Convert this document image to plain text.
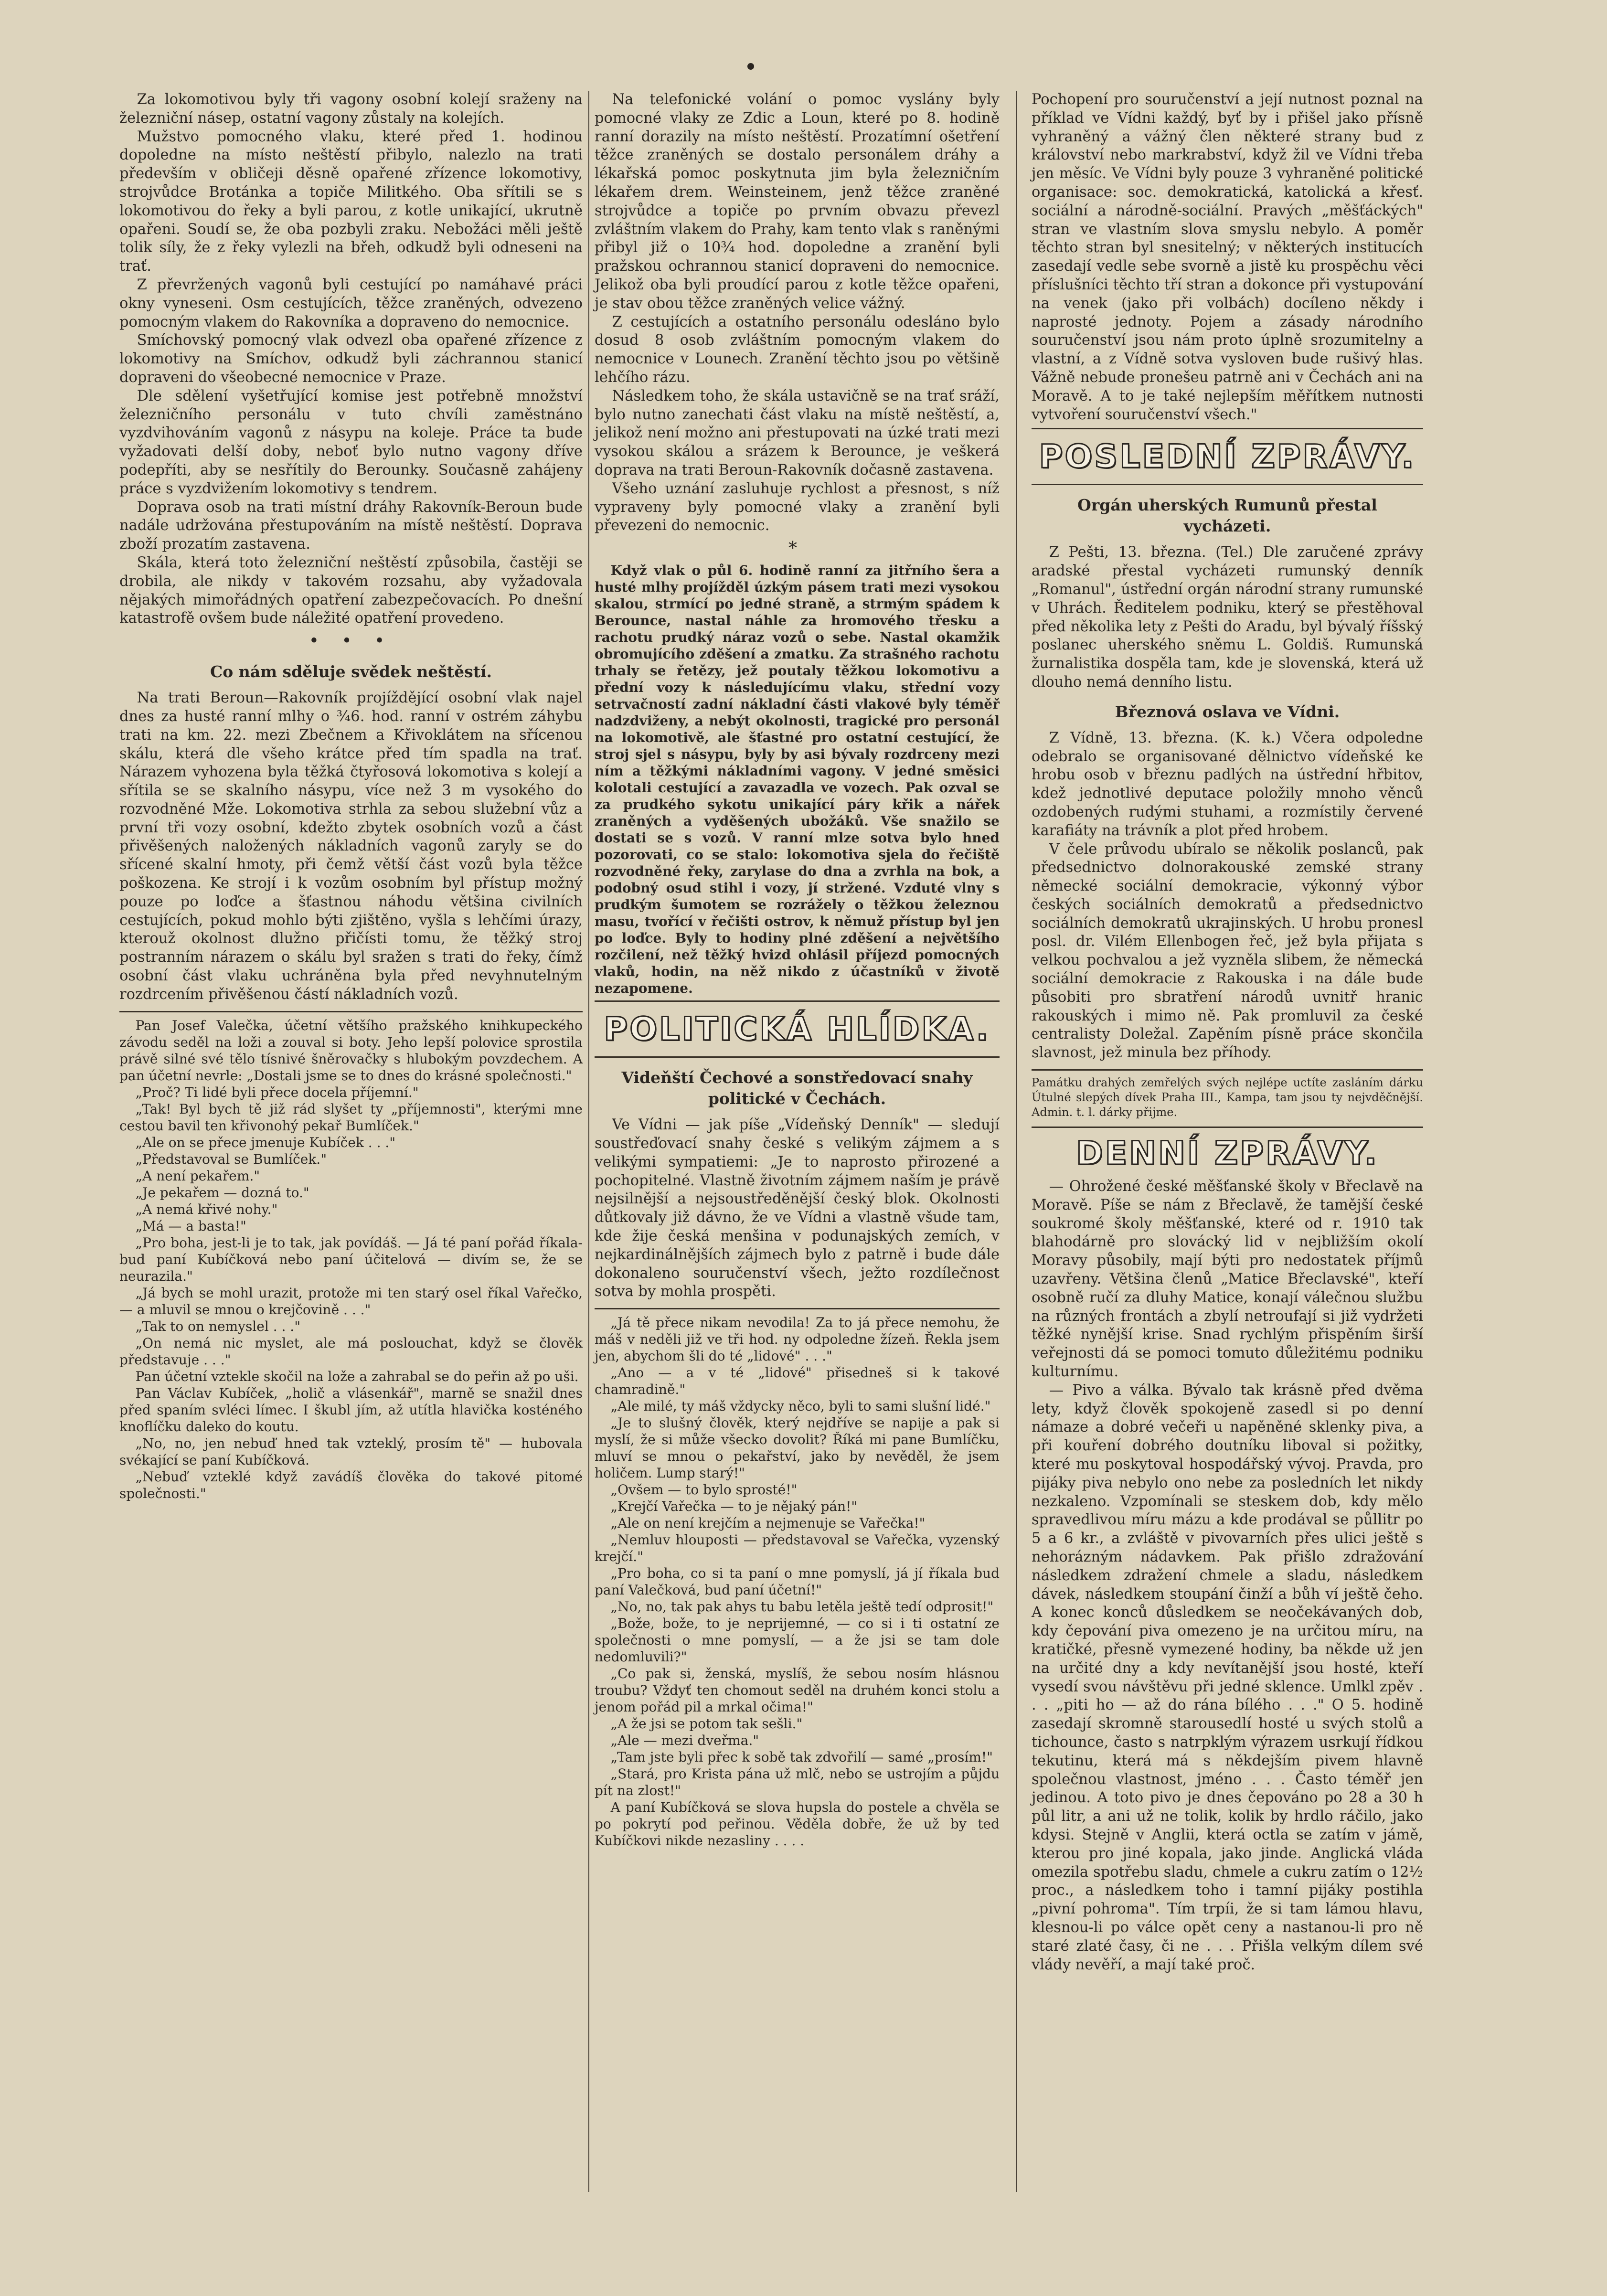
Za lokomotivou byly tři vagony osobní kolejí sraženy na železniční násep, ostatní vagony zůstaly na kolejích.

Mužstvo pomocného vlaku, které před 1. hodinou dopoledne na místo neštěstí přibylo, nalezlo na trati především v obličeji děsně opařené zřízence lokomotivy, strojvůdce Brotánka a topiče Militkého. Oba sřítili se s lokomotivou do řeky a byli parou, z kotle unikající, ukrutně opařeni. Soudí se, že oba pozbyli zraku. Nebožáci měli ještě tolik síly, že z řeky vylezli na břeh, odkudž byli odneseni na trať.

Z převržených vagonů byli cestující po namáhavé práci okny vyneseni. Osm cestujících, těžce zraněných, odvezeno pomocným vlakem do Rakovníka a dopraveno do nemocnice.

Smíchovský pomocný vlak odvezl oba opařené zřízence z lokomotivy na Smíchov, odkudž byli záchrannou stanicí dopraveni do všeobecné nemocnice v Praze.

Dle sdělení vyšetřující komise jest potřebně množství železničního personálu v tuto chvíli zaměstnáno vyzdvihováním vagonů z násypu na koleje. Práce ta bude vyžadovati delší doby, neboť bylo nutno vagony dříve podepříti, aby se nesřítily do Berounky. Současně zahájeny práce s vyzdvižením lokomotivy s tendrem.

Doprava osob na trati místní dráhy Rakovník-Beroun bude nadále udržována přestupováním na místě neštěstí. Doprava zboží prozatím zastavena.

Skála, která toto železniční neštěstí způsobila, častěji se drobila, ale nikdy v takovém rozsahu, aby vyžadovala nějakých mimořádných opatření zabezpečovacích. Po dnešní katastrofě ovšem bude náležité opatření provedeno.

• • •
Co nám sděluje svědek neštěstí.

Na trati Beroun—Rakovník projíždějící osobní vlak najel dnes za husté ranní mlhy o ¾6. hod. ranní v ostrém záhybu trati na km. 22. mezi Zbečnem a Křivoklátem na sřícenou skálu, která dle všeho krátce před tím spadla na trať. Nárazem vyhozena byla těžká čtyřosová lokomotiva s kolejí a sřítila se se skalního násypu, více než 3 m vysokého do rozvodněné Mže. Lokomotiva strhla za sebou služební vůz a první tři vozy osobní, kdežto zbytek osobních vozů a část přivěšených naložených nákladních vagonů zaryly se do sřícené skalní hmoty, při čemž větší část vozů byla těžce poškozena. Ke strojí i k vozům osobním byl přístup možný pouze po loďce a šťastnou náhodu většina civilních cestujících, pokud mohlo býti zjištěno, vyšla s lehčími úrazy, kterouž okolnost dlužno přičísti tomu, že těžký stroj postranním nárazem o skálu byl sražen s trati do řeky, čímž osobní část vlaku uchráněna byla před nevyhnutelným rozdrcením přivěšenou částí nákladních vozů.

Pan Josef Valečka, účetní většího pražského knihkupeckého závodu seděl na loži a zouval si boty. Jeho lepší polovice sprostila právě silné své tělo tísnivé šněrovačky s hlubokým povzdechem. A pan účetní nevrle: „Dostali jsme se to dnes do krásné společnosti."

„Proč? Ti lidé byli přece docela příjemní."

„Tak! Byl bych tě již rád slyšet ty „příjemnosti", kterými mne cestou bavil ten křivonohý pekař Bumlíček."

„Ale on se přece jmenuje Kubíček . . ."

„Představoval se Bumlíček."

„A není pekařem."

„Je pekařem — dozná to."

„A nemá křivé nohy."

„Má — a basta!"

„Pro boha, jest-li je to tak, jak povídáš. — Já té paní pořád říkala-bud paní Kubíčková nebo paní účitelová — divím se, že se neurazila."

„Já bych se mohl urazit, protože mi ten starý osel říkal Vařečko, — a mluvil se mnou o krejčovině . . ."

„Tak to on nemyslel . . ."

„On nemá nic myslet, ale má poslouchat, když se člověk představuje . . ."

Pan účetní vztekle skočil na lože a zahrabal se do peřin až po uši.

Pan Václav Kubíček, „holič a vlásenkář", marně se snažil dnes před spaním svléci límec. I škubl jím, až utítla hlavička kosténého knoflíčku daleko do koutu.

„No, no, jen nebuď hned tak vzteklý, prosím tě" — hubovala svékající se paní Kubíčková.

„Nebuď vzteklé když zavádíš člověka do takové pitomé společnosti."

Na telefonické volání o pomoc vyslány byly pomocné vlaky ze Zdic a Loun, které po 8. hodině ranní dorazily na místo neštěstí. Prozatímní ošetření těžce zraněných se dostalo personálem dráhy a lékařská pomoc poskytnuta jim byla železničním lékařem drem. Weinsteinem, jenž těžce zraněné strojvůdce a topiče po prvním obvazu převezl zvláštním vlakem do Prahy, kam tento vlak s raněnými přibyl již o 10¾ hod. dopoledne a zranění byli pražskou ochrannou stanicí dopraveni do nemocnice. Jelikož oba byli proudící parou z kotle těžce opařeni, je stav obou těžce zraněných velice vážný.

Z cestujících a ostatního personálu odesláno bylo dosud 8 osob zvláštním pomocným vlakem do nemocnice v Lounech. Zranění těchto jsou po většině lehčího rázu.

Následkem toho, že skála ustavičně se na trať sráží, bylo nutno zanechati část vlaku na místě neštěstí, a, jelikož není možno ani přestupovati na úzké trati mezi vysokou skálou a srázem k Berounce, je veškerá doprava na trati Beroun-Rakovník dočasně zastavena.

Všeho uznání zasluhuje rychlost a přesnost, s níž vypraveny byly pomocné vlaky a zranění byli převezeni do nemocnic.

*

Když vlak o půl 6. hodině ranní za jitřního šera a husté mlhy projížděl úzkým pásem trati mezi vysokou skalou, strmící po jedné straně, a strmým spádem k Berounce, nastal náhle za hromového třesku a rachotu prudký náraz vozů o sebe. Nastal okamžik obromujícího zděšení a zmatku. Za strašného rachotu trhaly se řetězy, jež poutaly těžkou lokomotivu a přední vozy k následujícímu vlaku, střední vozy setrvačností zadní nákladní části vlakové byly téměř nadzdviženy, a nebýt okolnosti, tragické pro personál na lokomotivě, ale šťastné pro ostatní cestující, že stroj sjel s násypu, byly by asi bývaly rozdrceny mezi ním a těžkými nákladními vagony. V jedné směsici kolotali cestující a zavazadla ve vozech. Pak ozval se za prudkého sykotu unikající páry křik a nářek zraněných a vyděšených ubožáků. Vše snažilo se dostati se s vozů. V ranní mlze sotva bylo hned pozorovati, co se stalo: lokomotiva sjela do řečiště rozvodněné řeky, zarylase do dna a zvrhla na bok, a podobný osud stihl i vozy, jí stržené. Vzduté vlny s prudkým šumotem se rozrážely o těžkou železnou masu, tvořící v řečišti ostrov, k němuž přístup byl jen po loďce. Byly to hodiny plné zděšení a největšího rozčilení, než těžký hvizd ohlásil příjezd pomocných vlaků, hodin, na něž nikdo z účastníků v životě nezapomene.

POLITICKÁ HLÍDKA.
Videňští Čechové a sonstředovací snahy politické v Čechách.

Ve Vídni — jak píše „Vídeňský Denník" — sledují soustřeďovací snahy české s velikým zájmem a s velikými sympatiemi: „Je to naprosto přirozené a pochopitelné. Vlastně životním zájmem naším je právě nejsilnější a nejsoustředěnější český blok. Okolnosti důtkovaly již dávno, že ve Vídni a vlastně všude tam, kde žije česká menšina v podunajských zemích, v nejkardinálnějších zájmech bylo z patrně i bude dále dokonaleno souručenství všech, ježto rozdílečnost sotva by mohla prospěti.

„Já tě přece nikam nevodila! Za to já přece nemohu, že máš v neděli již ve tři hod. ny odpoledne žízeň. Řekla jsem jen, abychom šli do té „lidové" . . ."

„Ano — a v té „lidové" přisedneš si k takové chamradině."

„Ale milé, ty máš vždycky něco, byli to sami slušní lidé."

„Je to slušný člověk, který nejdříve se napije a pak si myslí, že si může všecko dovolit? Říká mi pane Bumlíčku, mluví se mnou o pekařství, jako by nevěděl, že jsem holičem. Lump starý!"

„Ovšem — to bylo sprosté!"

„Krejčí Vařečka — to je nějaký pán!"

„Ale on není krejčím a nejmenuje se Vařečka!"

„Nemluv hlouposti — představoval se Vařečka, vyzenský krejčí."

„Pro boha, co si ta paní o mne pomyslí, já jí říkala bud paní Valečková, bud paní účetní!"

„No, no, tak pak ahys tu babu letěla ještě tedí odprosit!"

„Bože, bože, to je neprijemné, — co si i ti ostatní ze společnosti o mne pomyslí, — a že jsi se tam dole nedomluvili?"

„Co pak si, ženská, myslíš, že sebou nosím hlásnou troubu? Vždyť ten chomout seděl na druhém konci stolu a jenom pořád pil a mrkal očima!"

„A že jsi se potom tak sešli."

„Ale — mezi dveřma."

„Tam jste byli přec k sobě tak zdvořilí — samé „prosím!"

„Stará, pro Krista pána už mlč, nebo se ustrojím a půjdu pít na zlost!"

A paní Kubíčková se slova hupsla do postele a chvěla se po pokrytí pod peřinou. Věděla dobře, že už by ted Kubíčkovi nikde nezasliny . . . .

Pochopení pro souručenství a její nutnost poznal na příklad ve Vídni každý, byť by i přišel jako přísně vyhraněný a vážný člen některé strany bud z království nebo markrabství, když žil ve Vídni třeba jen měsíc. Ve Vídni byly pouze 3 vyhraněné politické organisace: soc. demokratická, katolická a křesť. sociální a národně-sociální. Pravých „měšťáckých" stran ve vlastním slova smyslu nebylo. A poměr těchto stran byl snesitelný; v některých institucích zasedají vedle sebe svorně a jistě ku prospěchu věci příslušníci těchto tří stran a dokonce při vystupování na venek (jako při volbách) docíleno někdy i naprosté jednoty. Pojem a zásady národního souručenství jsou nám proto úplně srozumitelny a vlastní, a z Vídně sotva vysloven bude rušivý hlas. Vážně nebude pronešeu patrně ani v Čechách ani na Moravě. A to je také nejlepším měřítkem nutnosti vytvoření souručenství všech."

POSLEDNÍ ZPRÁVY.
Orgán uherských Rumunů přestal vycházeti.

Z Pešti, 13. března. (Tel.) Dle zaručené zprávy aradské přestal vycházeti rumunský denník „Romanul", ústřední orgán národní strany rumunské v Uhrách. Ředitelem podniku, který se přestěhoval před několika lety z Pešti do Aradu, byl bývalý říšský poslanec uherského sněmu L. Goldiš. Rumunská žurnalistika dospěla tam, kde je slovenská, která už dlouho nemá denního listu.

Březnová oslava ve Vídni.

Z Vídně, 13. března. (K. k.) Včera odpoledne odebralo se organisované dělnictvo vídeňské ke hrobu osob v březnu padlých na ústřední hřbitov, kdež jednotlivé deputace položily mnoho věnců ozdobených rudými stuhami, a rozmístily červené karafiáty na trávník a plot před hrobem.

V čele průvodu ubíralo se několik poslanců, pak předsednictvo dolnorakouské zemské strany německé sociální demokracie, výkonný výbor českých sociálních demokratů a předsednictvo sociálních demokratů ukrajinských. U hrobu pronesl posl. dr. Vilém Ellenbogen řeč, jež byla přijata s velkou pochvalou a jež vyzněla slibem, že německá sociální demokracie z Rakouska i na dále bude působiti pro sbratření národů uvnitř hranic rakouských i mimo ně. Pak promluvil za české centralisty Doležal. Zapěním písně práce skončila slavnost, jež minula bez příhody.

Památku drahých zemřelých svých nejlépe uctíte zasláním dárku Útulné slepých dívek Praha III., Kampa, tam jsou ty nejvděčnější. Admin. t. l. dárky přijme.

DENNÍ ZPRÁVY.

— Ohrožené české měšťanské školy v Břeclavě na Moravě. Píše se nám z Břeclavě, že tamější české soukromé školy měšťanské, které od r. 1910 tak blahodárně pro slovácký lid v nejbližším okolí Moravy působily, mají býti pro nedostatek příjmů uzavřeny. Většina členů „Matice Břeclavské", kteří osobně ručí za dluhy Matice, konají válečnou službu na různých frontách a zbylí netroufají si již vydržeti těžké nynější krise. Snad rychlým přispěním širší veřejnosti dá se pomoci tomuto důležitému podniku kulturnímu.

— Pivo a válka. Bývalo tak krásně před dvěma lety, když člověk spokojeně zasedl si po denní námaze a dobré večeři u napěněné sklenky piva, a při kouření dobrého doutníku liboval si požitky, které mu poskytoval hospodářský vývoj. Pravda, pro pijáky piva nebylo ono nebe za posledních let nikdy nezkaleno. Vzpomínali se steskem dob, kdy mělo spravedlivou míru mázu a kde prodával se půllitr po 5 a 6 kr., a zvláště v pivovarních přes ulici ještě s nehorázným nádavkem. Pak přišlo zdražování následkem zdražení chmele a sladu, následkem dávek, následkem stoupání činží a bůh ví ještě čeho. A konec konců důsledkem se neočekávaných dob, kdy čepování piva omezeno je na určitou míru, na kratičké, přesně vymezené hodiny, ba někde už jen na určité dny a kdy nevítanější jsou hosté, kteří vysedí svou návštěvu při jedné sklence. Umlkl zpěv . . . „piti ho — až do rána bílého . . ." O 5. hodině zasedají skromně starousedlí hosté u svých stolů a tichounce, často s natrpklým výrazem usrkují řídkou tekutinu, která má s někdejším pivem hlavně společnou vlastnost, jméno . . . Často téměř jen jedinou. A toto pivo je dnes čepováno po 28 a 30 h půl litr, a ani už ne tolik, kolik by hrdlo ráčilo, jako kdysi. Stejně v Anglii, která octla se zatím v jámě, kterou pro jiné kopala, jako jinde. Anglická vláda omezila spotřebu sladu, chmele a cukru zatím o 12½ proc., a následkem toho i tamní pijáky postihla „pivní pohroma". Tím trpíi, že si tam lámou hlavu, klesnou-li po válce opět ceny a nastanou-li pro ně staré zlaté časy, či ne . . . Přišla velkým dílem své vlády nevěří, a mají také proč.
